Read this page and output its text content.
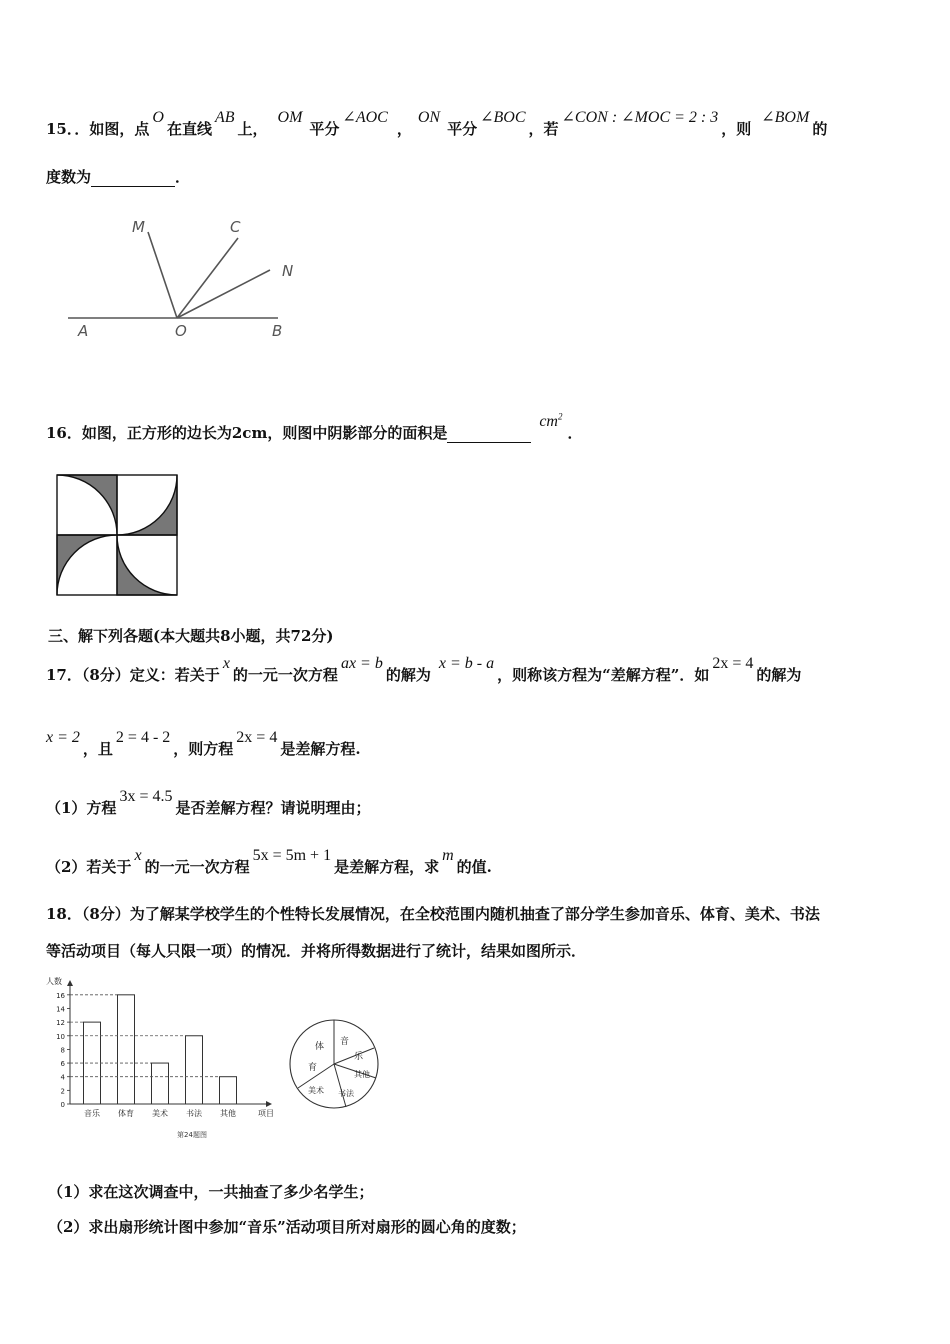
15．．如图，点O在直线AB上，OM平分∠AOC，ON平分∠BOC，若∠CON : ∠MOC = 2 : 3，则∠BOM的
度数为	．
M	C
N
A	O	B
16．如图，正方形的边长为2cm，则图中阴影部分的面积是$cm^2$．
三、解下列各题(本大题共8小题，共72分)
17．（8分）定义：若关于x的一元一次方程ax = b的解为x = b - a，则称该方程为“差解方程”．如2x = 4的解为
x = 2，且2 = 4 - 2，则方程2x = 4是差解方程.
（1）方程3x = 4.5是否差解方程？请说明理由；
（2）若关于x的一元一次方程5x = 5m + 1是差解方程，求m的值.
18．（8分）为了解某学校学生的个性特长发展情况，在全校范围内随机抽查了部分学生参加音乐、体育、美术、书法
等活动项目（每人只限一项）的情况．并将所得数据进行了统计，结果如图所示．
人数
项目
0
2
4
6
8
10
12
14
16
音乐 体育 美术 书法 其他
第24题图
体
育
音
乐
其他
书法
美术
（1）求在这次调查中，一共抽查了多少名学生；
（2）求出扇形统计图中参加“音乐”活动项目所对扇形的圆心角的度数；
